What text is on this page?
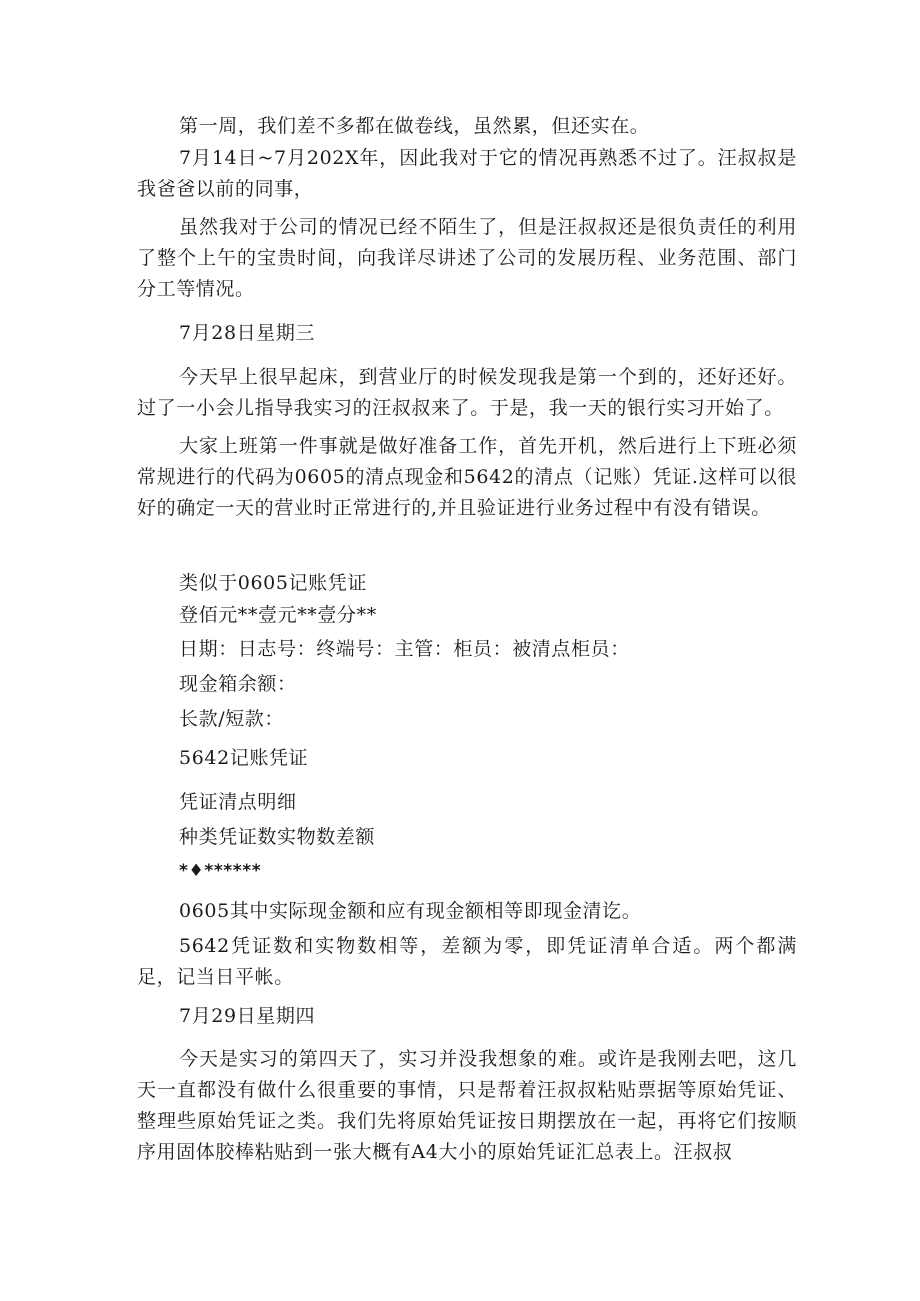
第一周，我们差不多都在做卷线，虽然累，但还实在。

7月14日~7月202X年，因此我对于它的情况再熟悉不过了。汪叔叔是我爸爸以前的同事，

虽然我对于公司的情况已经不陌生了，但是汪叔叔还是很负责任的利用了整个上午的宝贵时间，向我详尽讲述了公司的发展历程、业务范围、部门分工等情况。

7月28日星期三

今天早上很早起床，到营业厅的时候发现我是第一个到的，还好还好。过了一小会儿指导我实习的汪叔叔来了。于是，我一天的银行实习开始了。

大家上班第一件事就是做好准备工作，首先开机，然后进行上下班必须常规进行的代码为0605的清点现金和5642的清点（记账）凭证.这样可以很好的确定一天的营业时正常进行的,并且验证进行业务过程中有没有错误。

类似于0605记账凭证

登佰元**壹元**壹分**

日期：日志号：终端号：主管：柜员：被清点柜员：

现金箱余额：

长款/短款：

5642记账凭证

凭证清点明细

种类凭证数实物数差额

*♦******

0605其中实际现金额和应有现金额相等即现金清讫。

5642凭证数和实物数相等，差额为零，即凭证清单合适。两个都满足，记当日平帐。

7月29日星期四

今天是实习的第四天了，实习并没我想象的难。或许是我刚去吧，这几天一直都没有做什么很重要的事情，只是帮着汪叔叔粘贴票据等原始凭证、整理些原始凭证之类。我们先将原始凭证按日期摆放在一起，再将它们按顺序用固体胶棒粘贴到一张大概有A4大小的原始凭证汇总表上。汪叔叔
